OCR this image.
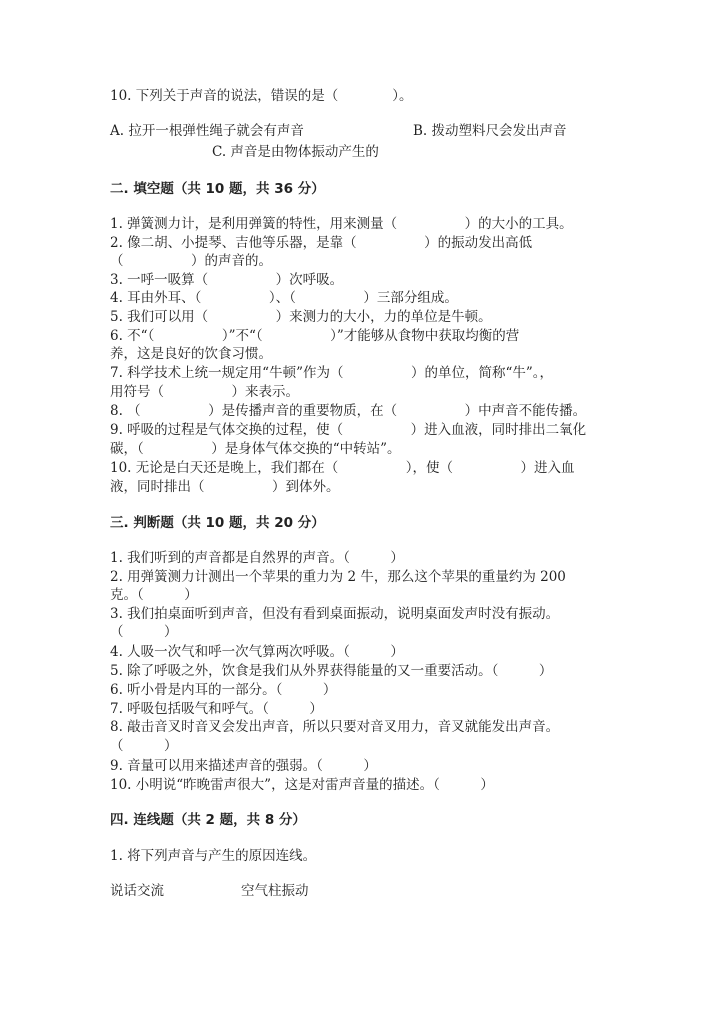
10. 下列关于声音的说法，错误的是（　　　　）。

A. 拉开一根弹性绳子就会有声音	B. 拨动塑料尺会发出声音

C. 声音是由物体振动产生的

二. 填空题（共 10 题，共 36 分）

1. 弹簧测力计，是利用弹簧的特性，用来测量（　　　　　）的大小的工具。

2. 像二胡、小提琴、吉他等乐器，是靠（　　　　　）的振动发出高低

（　　　　　）的声音的。

3. 一呼一吸算（　　　　　）次呼吸。

4. 耳由外耳、（　　　　　）、（　　　　　）三部分组成。

5. 我们可以用（　　　　　）来测力的大小，力的单位是牛顿。

6. 不“（　　　　　）”不“（　　　　　）”才能够从食物中获取均衡的营

养，这是良好的饮食习惯。

7. 科学技术上统一规定用“牛顿”作为（　　　　　）的单位，简称“牛”。，

用符号（　　　　　）来表示。

8. （　　　　　）是传播声音的重要物质，在（　　　　　）中声音不能传播。

9. 呼吸的过程是气体交换的过程，使（　　　　　）进入血液，同时排出二氧化

碳，（　　　　　）是身体气体交换的“中转站”。

10. 无论是白天还是晚上，我们都在（　　　　　），使（　　　　　）进入血

液，同时排出（　　　　　）到体外。

三. 判断题（共 10 题，共 20 分）

1. 我们听到的声音都是自然界的声音。（　　　）

2. 用弹簧测力计测出一个苹果的重力为 2 牛，那么这个苹果的重量约为 200

克。（　　　）

3. 我们拍桌面听到声音，但没有看到桌面振动，说明桌面发声时没有振动。

（　　　）

4. 人吸一次气和呼一次气算两次呼吸。（　　　）

5. 除了呼吸之外，饮食是我们从外界获得能量的又一重要活动。（　　　）

6. 听小骨是内耳的一部分。（　　　）

7. 呼吸包括吸气和呼气。（　　　）

8. 敲击音叉时音叉会发出声音，所以只要对音叉用力，音叉就能发出声音。

（　　　）

9. 音量可以用来描述声音的强弱。（　　　）

10. 小明说“昨晚雷声很大”，这是对雷声音量的描述。（　　　）

四. 连线题（共 2 题，共 8 分）

1. 将下列声音与产生的原因连线。

说话交流	空气柱振动
